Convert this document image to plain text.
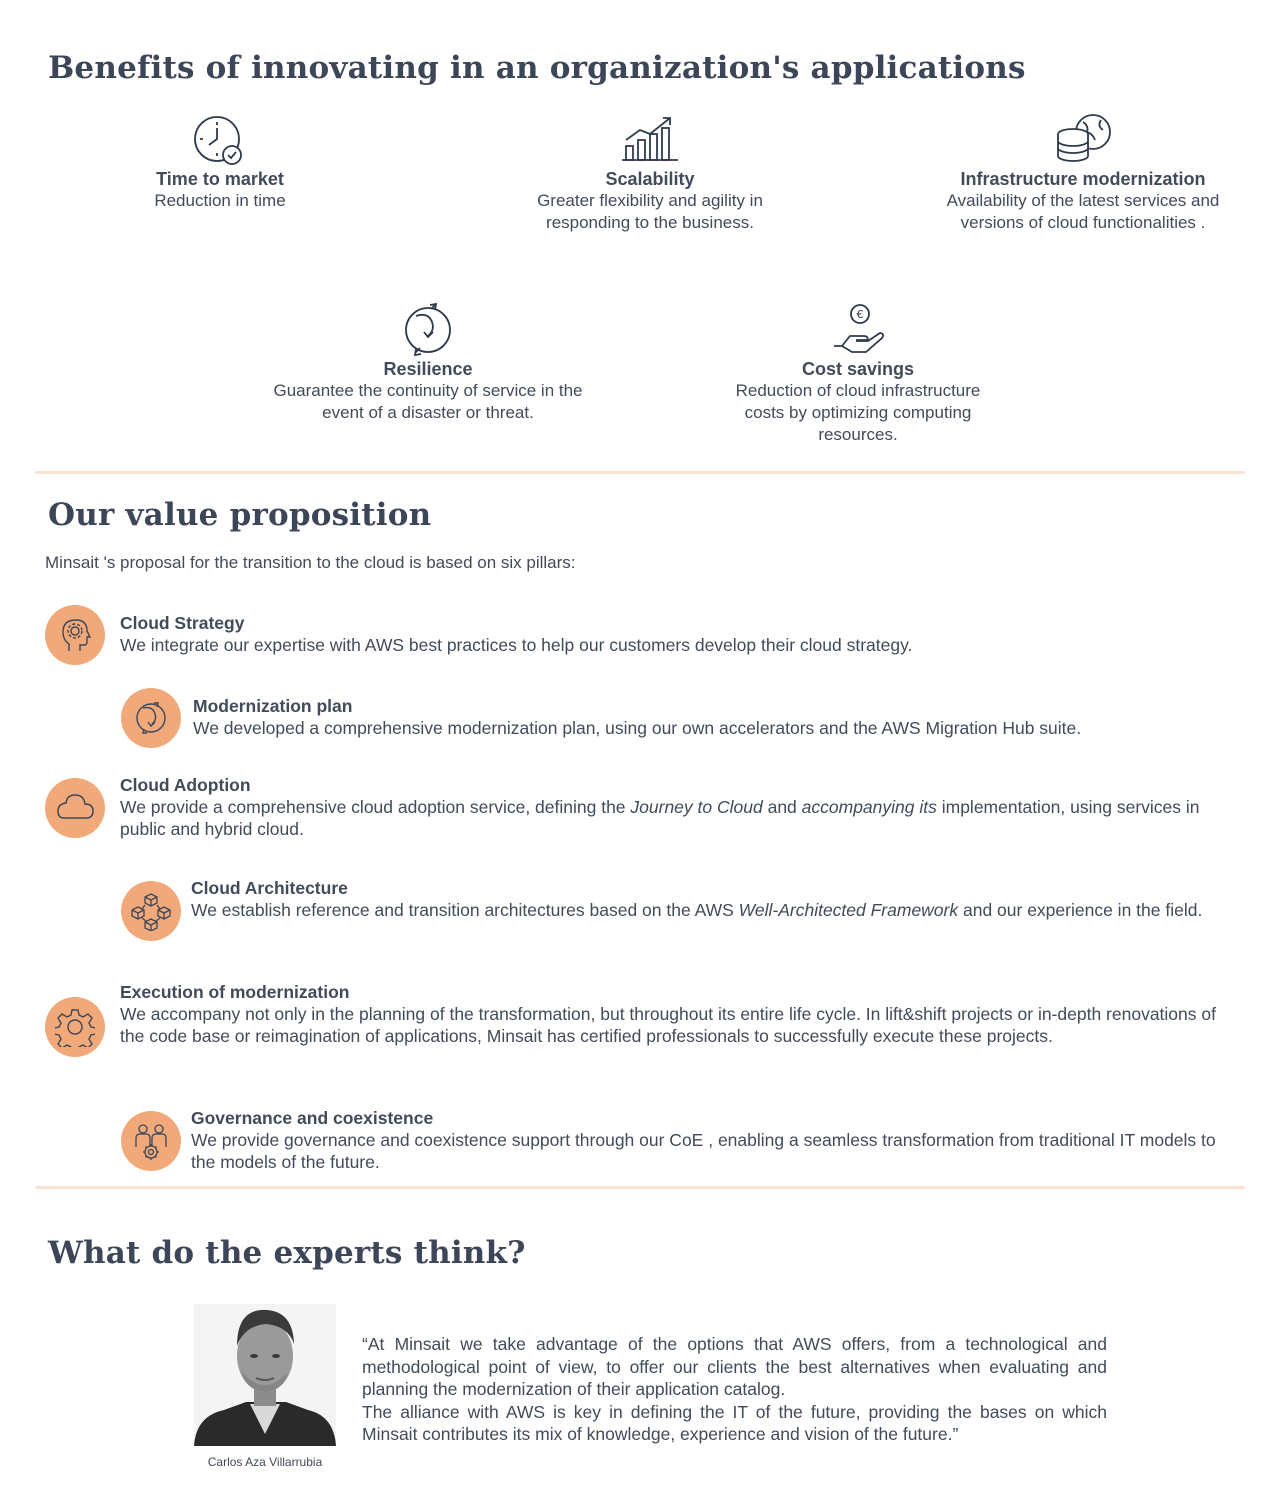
Benefits of innovating in an organization's applications
Time to market
Reduction in time
Scalability
Greater flexibility and agility in responding to the business.
Infrastructure modernization
Availability of the latest services and versions of cloud functionalities .
Resilience
Guarantee the continuity of service in the event of a disaster or threat.
€
Cost savings
Reduction of cloud infrastructure costs by optimizing computing resources.
Our value proposition
Minsait 's proposal for the transition to the cloud is based on six pillars:
Cloud Strategy
We integrate our expertise with AWS best practices to help our customers develop their cloud strategy.
Modernization plan
We developed a comprehensive modernization plan, using our own accelerators and the AWS Migration Hub suite.
Cloud Adoption
We provide a comprehensive cloud adoption service, defining the Journey to Cloud and accompanying its implementation, using services in public and hybrid cloud.
Cloud Architecture
We establish reference and transition architectures based on the AWS Well-Architected Framework and our experience in the field.
Execution of modernization
We accompany not only in the planning of the transformation, but throughout its entire life cycle. In lift&shift projects or in-depth renovations of the code base or reimagination of applications, Minsait has certified professionals to successfully execute these projects.
Governance and coexistence
We provide governance and coexistence support through our CoE , enabling a seamless transformation from traditional IT models to the models of the future.
What do the experts think?
Carlos Aza Villarrubia

“At Minsait we take advantage of the options that AWS offers, from a technological and methodological point of view, to offer our clients the best alternatives when evaluating and planning the modernization of their application catalog.

The alliance with AWS is key in defining the IT of the future, providing the bases on which Minsait contributes its mix of knowledge, experience and vision of the future.”
